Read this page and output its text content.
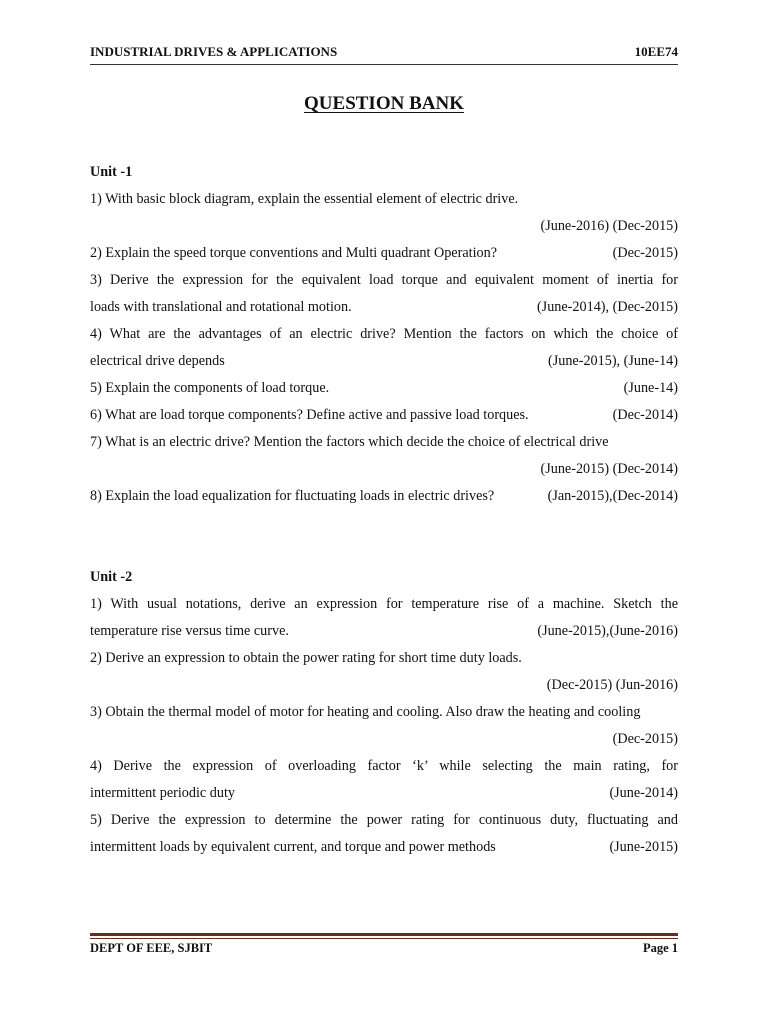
INDUSTRIAL DRIVES & APPLICATIONS	10EE74
QUESTION BANK
Unit -1
1) With basic block diagram, explain the essential element of electric drive.
(June-2016) (Dec-2015)
2) Explain the speed torque conventions and Multi quadrant Operation?	(Dec-2015)
3) Derive the expression for the equivalent load torque and equivalent moment of inertia for
loads with translational and rotational motion.	(June-2014), (Dec-2015)
4) What are the advantages of an electric drive? Mention the factors on which the choice of
electrical drive depends	(June-2015), (June-14)
5) Explain the components of load torque.	(June-14)
6) What are load torque components? Define active and passive load torques.	(Dec-2014)
7) What is an electric drive? Mention the factors which decide the choice of electrical drive
(June-2015) (Dec-2014)
8) Explain the load equalization for fluctuating loads in electric drives?	(Jan-2015),(Dec-2014)
Unit -2
1) With usual notations, derive an expression for temperature rise of a machine. Sketch the
temperature rise versus time curve.	(June-2015),(June-2016)
2) Derive an expression to obtain the power rating for short time duty loads.
(Dec-2015) (Jun-2016)
3) Obtain the thermal model of motor for heating and cooling. Also draw the heating and cooling
(Dec-2015)
4) Derive the expression of overloading factor ‘k’ while selecting the main rating, for
intermittent periodic duty	(June-2014)
5) Derive the expression to determine the power rating for continuous duty, fluctuating and
intermittent loads by equivalent current, and torque and power methods	(June-2015)
DEPT OF EEE, SJBIT	Page 1
